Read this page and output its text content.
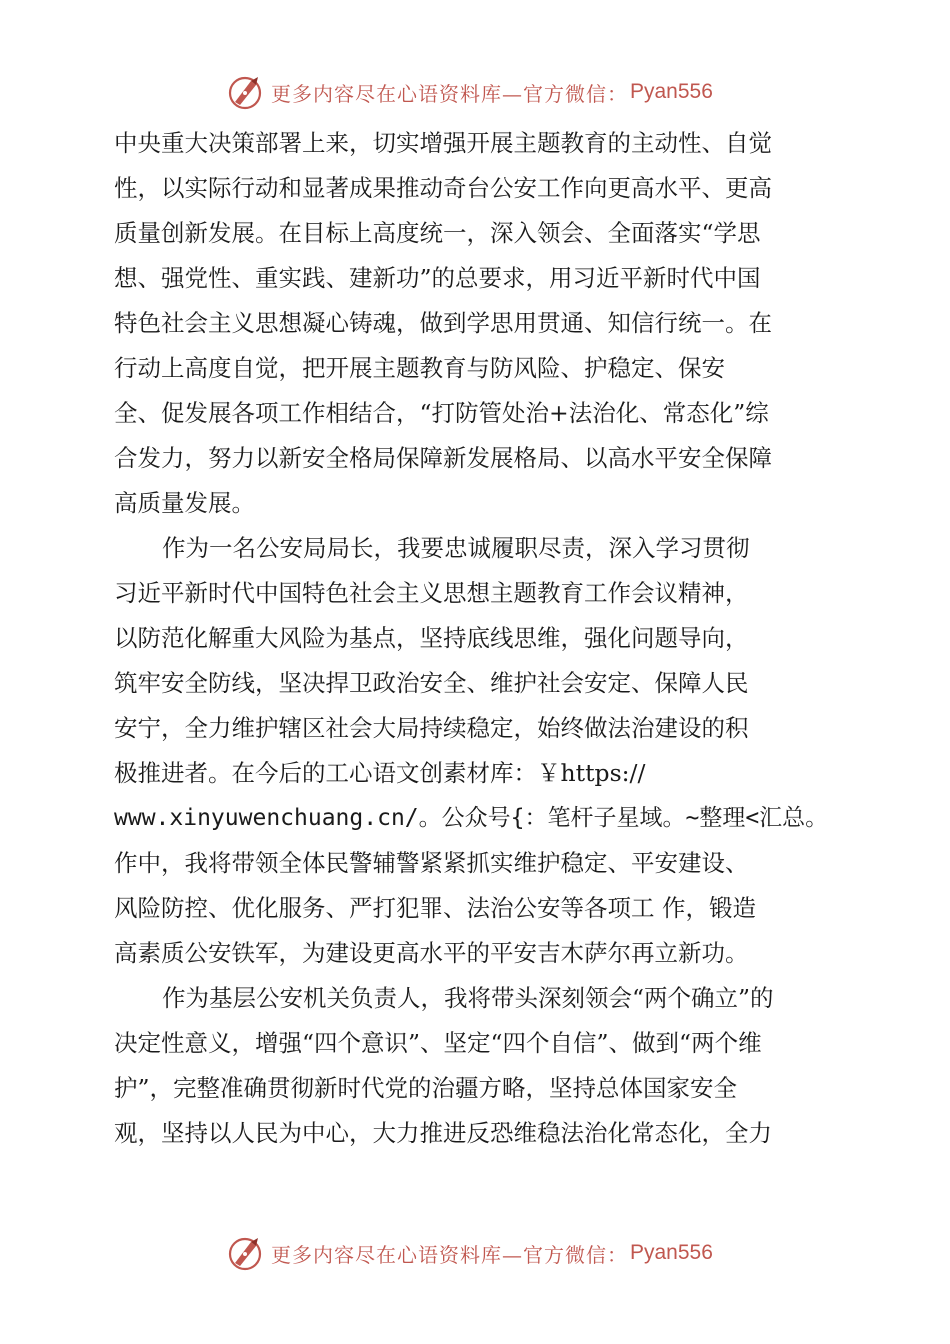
更多内容尽在心语资料库—官方微信： Pyan556
中央重大决策部署上来，切实增强开展主题教育的主动性、自觉
性，以实际行动和显著成果推动奇台公安工作向更高水平、更高
质量创新发展。在目标上高度统一，深入领会、全面落实“学思
想、强党性、重实践、建新功”的总要求，用习近平新时代中国
特色社会主义思想凝心铸魂，做到学思用贯通、知信行统一。在
行动上高度自觉，把开展主题教育与防风险、护稳定、保安
全、促发展各项工作相结合，“打防管处治+法治化、常态化”综
合发力，努力以新安全格局保障新发展格局、以高水平安全保障
高质量发展。
作为一名公安局局长，我要忠诚履职尽责，深入学习贯彻
习近平新时代中国特色社会主义思想主题教育工作会议精神，
以防范化解重大风险为基点，坚持底线思维，强化问题导向，
筑牢安全防线，坚决捍卫政治安全、维护社会安定、保障人民
安宁，全力维护辖区社会大局持续稳定，始终做法治建设的积
极推进者。在今后的工心语文创素材库：￥https://
www.xinyuwenchuang.cn/。公众号{：笔杆子星域。~整理<汇总。
作中，我将带领全体民警辅警紧紧抓实维护稳定、平安建设、
风险防控、优化服务、严打犯罪、法治公安等各项工 作，锻造
高素质公安铁军，为建设更高水平的平安吉木萨尔再立新功。
作为基层公安机关负责人，我将带头深刻领会“两个确立”的
决定性意义，增强“四个意识”、坚定“四个自信”、做到“两个维
护”，完整准确贯彻新时代党的治疆方略，坚持总体国家安全
观，坚持以人民为中心，大力推进反恐维稳法治化常态化，全力
更多内容尽在心语资料库—官方微信： Pyan556
